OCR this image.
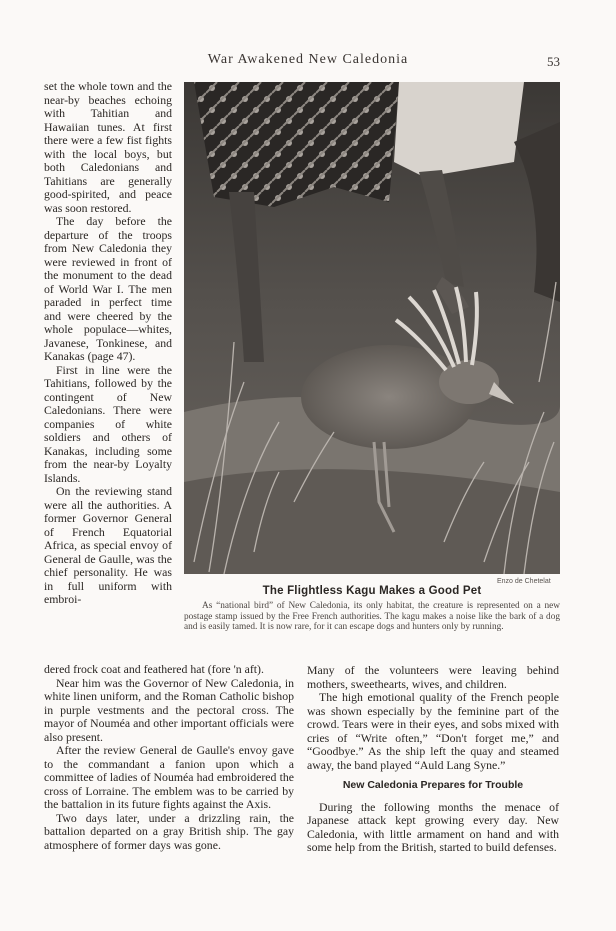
War Awakened New Caledonia	53

set the whole town and the near-by beaches echoing with Tahitian and Hawaiian tunes. At first there were a few fist fights with the local boys, but both Caledonians and Tahitians are generally good-spirited, and peace was soon restored.

The day before the departure of the troops from New Caledonia they were reviewed in front of the monument to the dead of World War I. The men paraded in perfect time and were cheered by the whole populace—whites, Javanese, Tonkinese, and Kanakas (page 47).

First in line were the Tahitians, followed by the contingent of New Caledonians. There were companies of white soldiers and others of Kanakas, including some from the near-by Loyalty Islands.

On the reviewing stand were all the authorities. A former Governor General of French Equatorial Africa, as special envoy of General de Gaulle, was the chief personality. He was in full uniform with embroi-

Enzo de Chetelat
The Flightless Kagu Makes a Good Pet
As “national bird” of New Caledonia, its only habitat, the creature is represented on a new postage stamp issued by the Free French authorities. The kagu makes a noise like the bark of a dog and is easily tamed. It is now rare, for it can escape dogs and hunters only by running.

dered frock coat and feathered hat (fore 'n aft).

Near him was the Governor of New Caledonia, in white linen uniform, and the Roman Catholic bishop in purple vestments and the pectoral cross. The mayor of Nouméa and other important officials were also present.

After the review General de Gaulle's envoy gave to the commandant a fanion upon which a committee of ladies of Nouméa had embroidered the cross of Lorraine. The emblem was to be carried by the battalion in its future fights against the Axis.

Two days later, under a drizzling rain, the battalion departed on a gray British ship. The gay atmosphere of former days was gone.

Many of the volunteers were leaving behind mothers, sweethearts, wives, and children.

The high emotional quality of the French people was shown especially by the feminine part of the crowd. Tears were in their eyes, and sobs mixed with cries of “Write often,” “Don't forget me,” and “Goodbye.” As the ship left the quay and steamed away, the band played “Auld Lang Syne.”

New Caledonia Prepares for Trouble

During the following months the menace of Japanese attack kept growing every day. New Caledonia, with little armament on hand and with some help from the British, started to build defenses.
